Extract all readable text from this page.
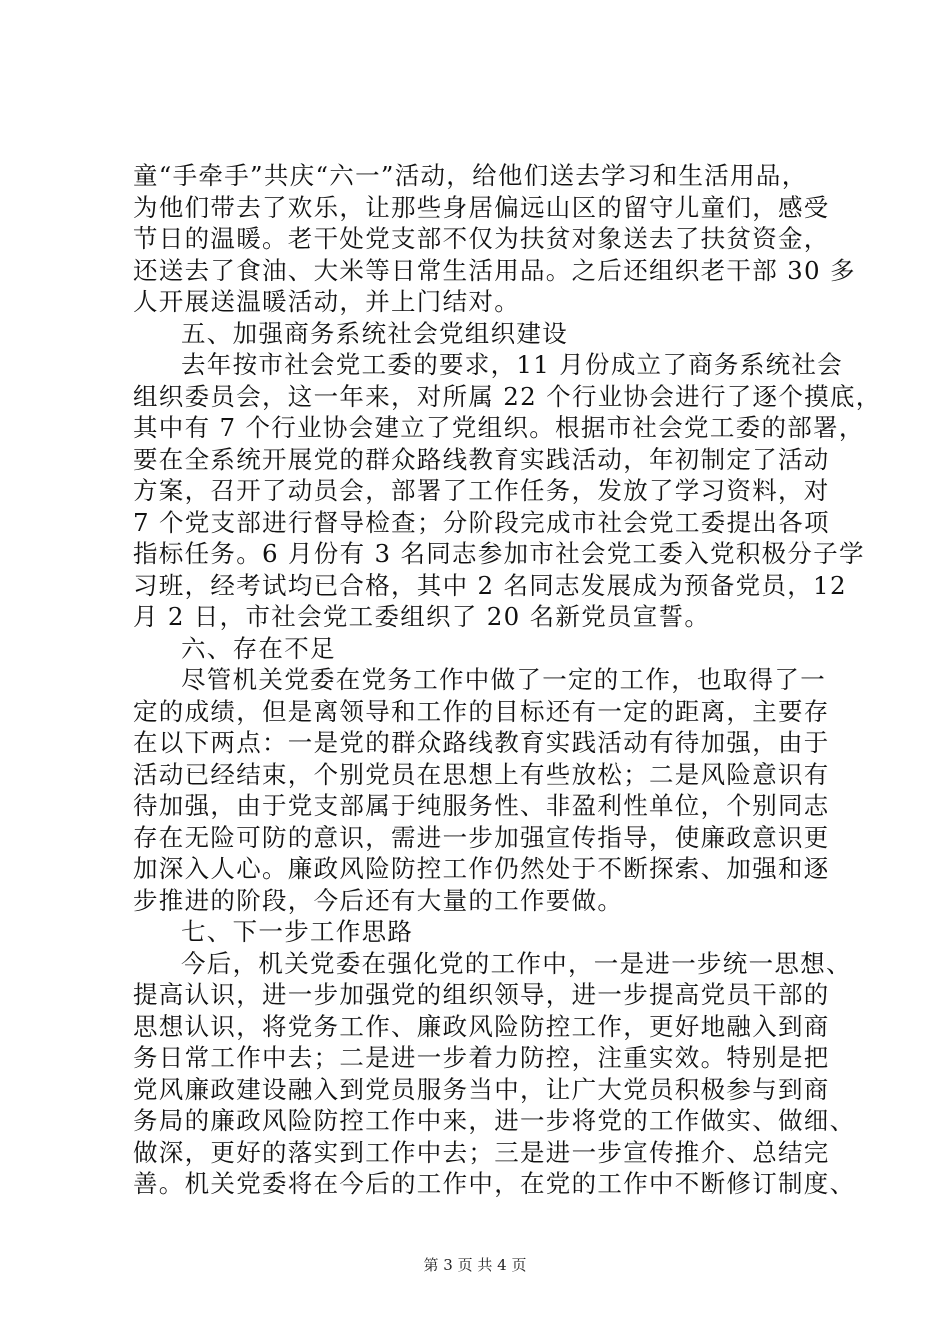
童“手牵手”共庆“六一”活动，给他们送去学习和生活用品，
为他们带去了欢乐，让那些身居偏远山区的留守儿童们，感受
节日的温暖。老干处党支部不仅为扶贫对象送去了扶贫资金，
还送去了食油、大米等日常生活用品。之后还组织老干部 30 多
人开展送温暖活动，并上门结对。
五、加强商务系统社会党组织建设
去年按市社会党工委的要求，11 月份成立了商务系统社会
组织委员会，这一年来，对所属 22 个行业协会进行了逐个摸底，
其中有 7 个行业协会建立了党组织。根据市社会党工委的部署，
要在全系统开展党的群众路线教育实践活动，年初制定了活动
方案，召开了动员会，部署了工作任务，发放了学习资料，对
7 个党支部进行督导检查；分阶段完成市社会党工委提出各项
指标任务。6 月份有 3 名同志参加市社会党工委入党积极分子学
习班，经考试均已合格，其中 2 名同志发展成为预备党员，12
月 2 日，市社会党工委组织了 20 名新党员宣誓。
六、存在不足
尽管机关党委在党务工作中做了一定的工作，也取得了一
定的成绩，但是离领导和工作的目标还有一定的距离，主要存
在以下两点：一是党的群众路线教育实践活动有待加强，由于
活动已经结束，个别党员在思想上有些放松；二是风险意识有
待加强，由于党支部属于纯服务性、非盈利性单位，个别同志
存在无险可防的意识，需进一步加强宣传指导，使廉政意识更
加深入人心。廉政风险防控工作仍然处于不断探索、加强和逐
步推进的阶段，今后还有大量的工作要做。
七、下一步工作思路
今后，机关党委在强化党的工作中，一是进一步统一思想、
提高认识，进一步加强党的组织领导，进一步提高党员干部的
思想认识，将党务工作、廉政风险防控工作，更好地融入到商
务日常工作中去；二是进一步着力防控，注重实效。特别是把
党风廉政建设融入到党员服务当中，让广大党员积极参与到商
务局的廉政风险防控工作中来，进一步将党的工作做实、做细、
做深，更好的落实到工作中去；三是进一步宣传推介、总结完
善。机关党委将在今后的工作中，在党的工作中不断修订制度、
第 3 页 共 4 页
